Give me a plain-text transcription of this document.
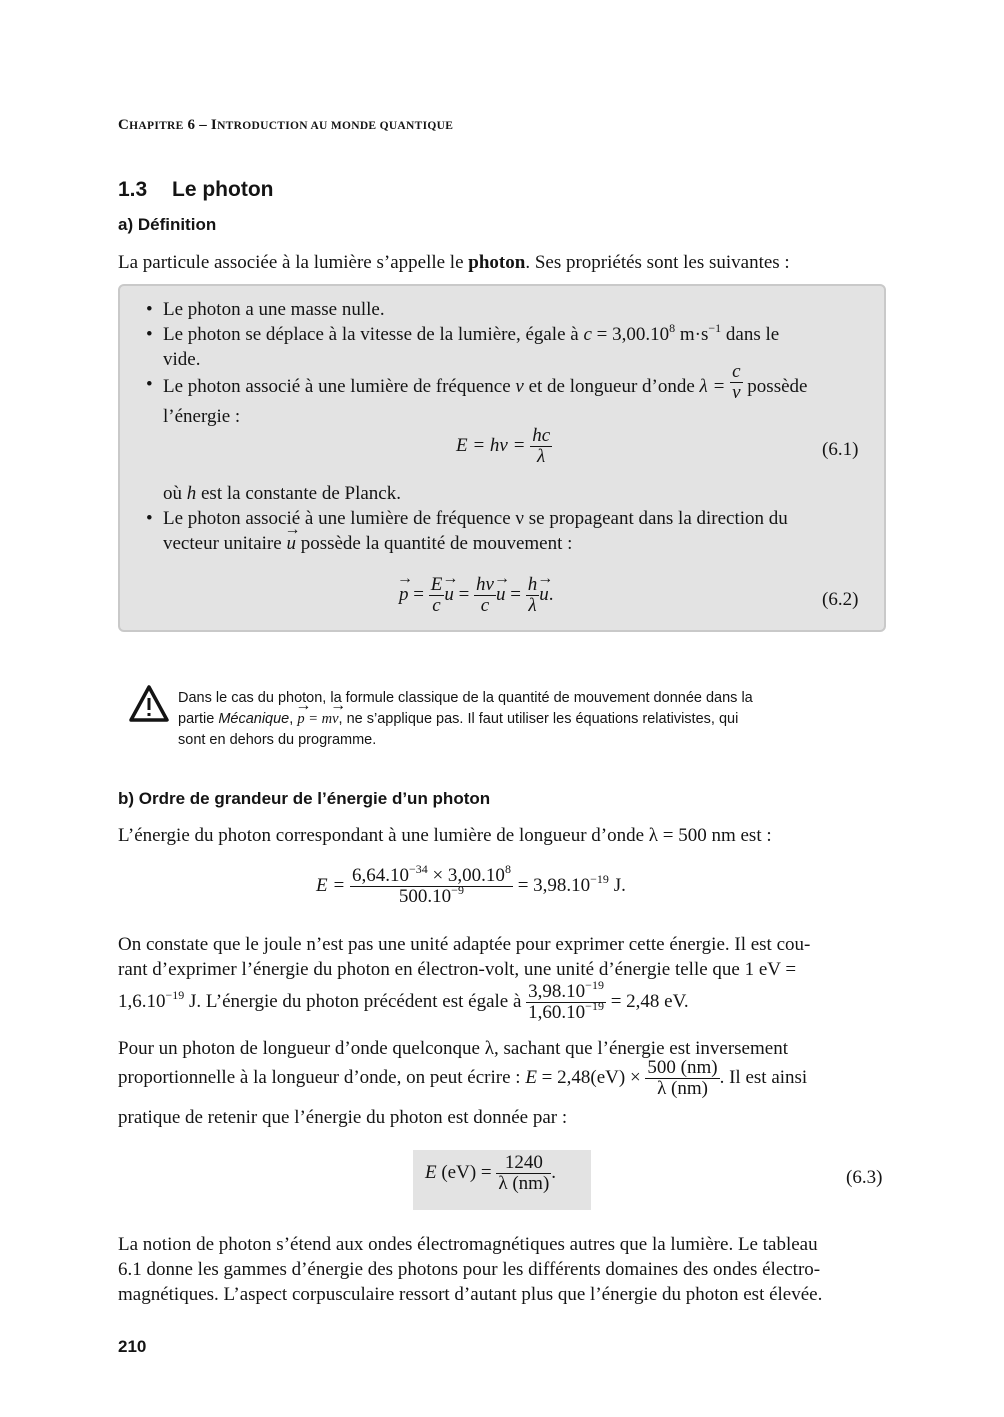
CHAPITRE 6 – INTRODUCTION AU MONDE QUANTIQUE
1.3 Le photon
a) Définition
La particule associée à la lumière s’appelle le photon. Ses propriétés sont les suivantes :
• Le photon a une masse nulle.
• Le photon se déplace à la vitesse de la lumière, égale à $c = 3,00.10^8$ $m\cdot s^{-1}$ dans le
vide.
• Le photon associé à une lumière de fréquence ν et de longueur d’onde $\lambda = \frac{c}{\nu}$ possède
l’énergie :
$E = h\nu = \frac{hc}{\lambda}$	(6.1)
où h est la constante de Planck.
• Le photon associé à une lumière de fréquence ν se propageant dans la direction du
vecteur unitaire → u possède la quantité de mouvement :
→ $p = \frac{E}{c}$
→ $u = \frac{h\nu}{c}$
→ $u = \frac{h}{\lambda}$
→ u.	(6.2)
Dans le cas du photon, la formule classique de la quantité de mouvement donnée dans la
partie Mécanique, → p = m→ v, ne s’applique pas. Il faut utiliser les équations relativistes, qui
sont en dehors du programme.
b) Ordre de grandeur de l’énergie d’un photon
L’énergie du photon correspondant à une lumière de longueur d’onde λ = 500 nm est :
$E = \frac{6,64.10^{-34} \times 3,00.10^8}{500.10^{-9}} = 3,98.10^{-19}$ J.
On constate que le joule n’est pas une unité adaptée pour exprimer cette énergie. Il est cou-
rant d’exprimer l’énergie du photon en électron-volt, une unité d’énergie telle que 1 eV =
$1,6.10^{-19}$ J. L’énergie du photon précédent est égale à $\frac{3,98.10^{-19}}{1,60.10^{-19}} = 2,48$ eV.
Pour un photon de longueur d’onde quelconque λ, sachant que l’énergie est inversement
proportionnelle à la longueur d’onde, on peut écrire : $E = 2,48(eV) \times \frac{500 (nm)}{\lambda (nm)}$ . Il est ainsi
pratique de retenir que l’énergie du photon est donnée par :
E $(eV) = \frac{1240}{\lambda (nm)}$ .	(6.3)
La notion de photon s’étend aux ondes électromagnétiques autres que la lumière. Le tableau
6.1 donne les gammes d’énergie des photons pour les différents domaines des ondes électro-
magnétiques. L’aspect corpusculaire ressort d’autant plus que l’énergie du photon est élevée.
210
